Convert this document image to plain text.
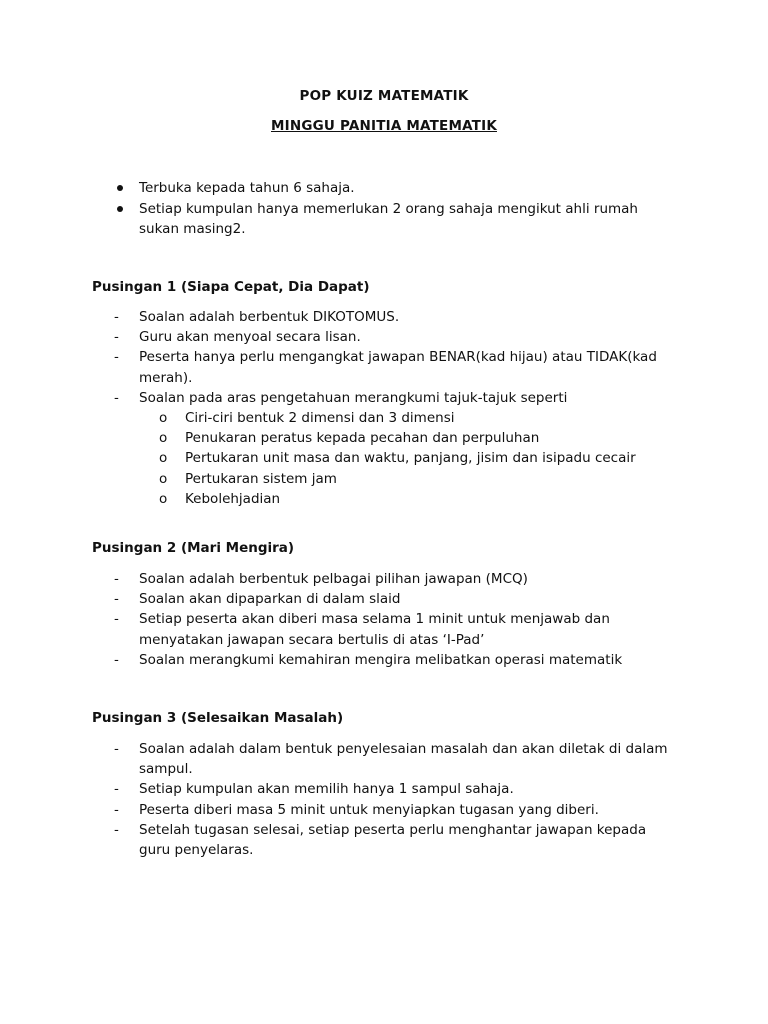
POP KUIZ MATEMATIK
MINGGU PANITIA MATEMATIK
Terbuka kepada tahun 6 sahaja.
Setiap kumpulan hanya memerlukan 2 orang sahaja mengikut ahli rumah sukan masing2.
Pusingan 1 (Siapa Cepat, Dia Dapat)
- Soalan adalah berbentuk DIKOTOMUS.
- Guru akan menyoal secara lisan.
- Peserta hanya perlu mengangkat jawapan BENAR(kad hijau) atau TIDAK(kad merah).
- Soalan pada aras pengetahuan merangkumi tajuk-tajuk seperti
o Ciri-ciri bentuk 2 dimensi dan 3 dimensi
o Penukaran peratus kepada pecahan dan perpuluhan
o Pertukaran unit masa dan waktu, panjang, jisim dan isipadu cecair
o Pertukaran sistem jam
o Kebolehjadian
Pusingan 2 (Mari Mengira)
- Soalan adalah berbentuk pelbagai pilihan jawapan (MCQ)
- Soalan akan dipaparkan di dalam slaid
- Setiap peserta akan diberi masa selama 1 minit untuk menjawab dan menyatakan jawapan secara bertulis di atas ‘I-Pad’
- Soalan merangkumi kemahiran mengira melibatkan operasi matematik
Pusingan 3 (Selesaikan Masalah)
- Soalan adalah dalam bentuk penyelesaian masalah dan akan diletak di dalam sampul.
- Setiap kumpulan akan memilih hanya 1 sampul sahaja.
- Peserta diberi masa 5 minit untuk menyiapkan tugasan yang diberi.
- Setelah tugasan selesai, setiap peserta perlu menghantar jawapan kepada guru penyelaras.
